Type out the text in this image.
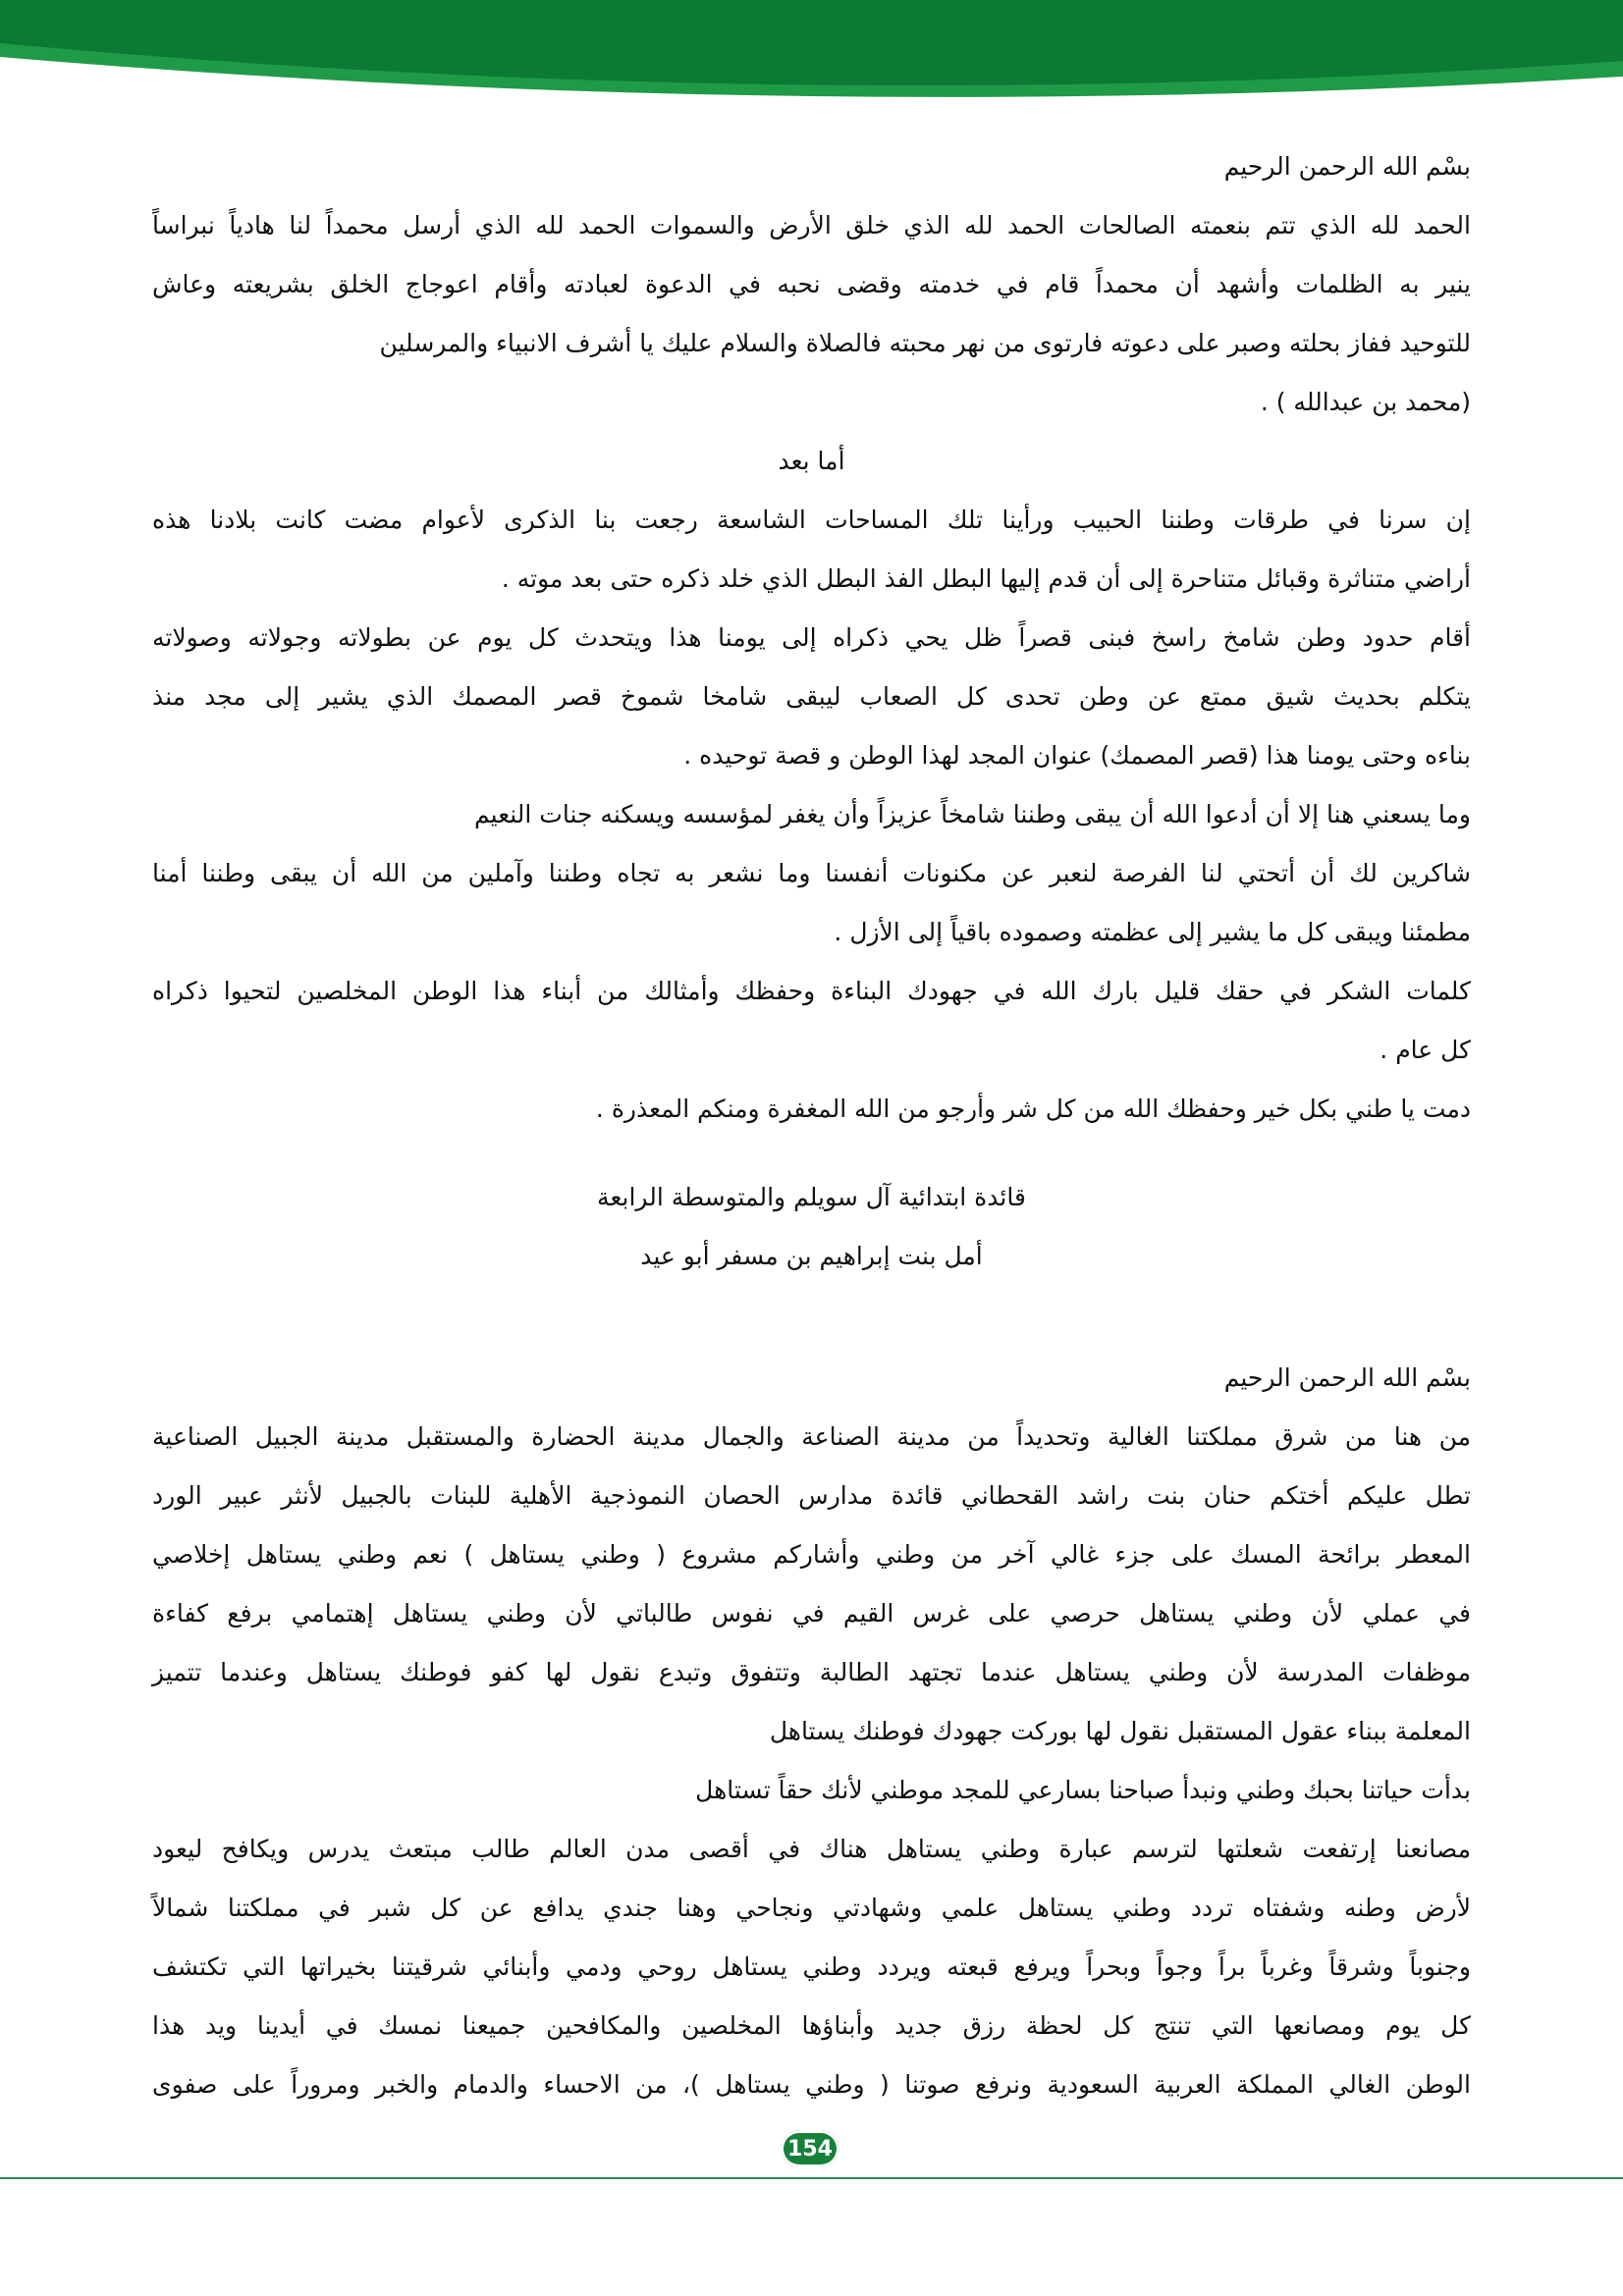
بسْم الله الرحمن الرحيم
الحمد لله الذي تتم بنعمته الصالحات الحمد لله الذي خلق الأرض والسموات الحمد لله الذي أرسل محمداً لنا هادياً نبراساً
ينير به الظلمات وأشهد أن محمداً قام في خدمته وقضى نحبه في الدعوة لعبادته وأقام اعوجاج الخلق بشريعته وعاش
للتوحيد ففاز بحلته وصبر على دعوته فارتوى من نهر محبته فالصلاة والسلام عليك يا أشرف الانبياء والمرسلين
(محمد بن عبدالله ) .
أما بعد
إن سرنا في طرقات وطننا الحبيب ورأينا تلك المساحات الشاسعة رجعت بنا الذكرى لأعوام مضت كانت بلادنا هذه
أراضي متناثرة وقبائل متناحرة إلى أن قدم إليها البطل الفذ البطل الذي خلد ذكره حتى بعد موته .
أقام حدود وطن شامخ راسخ فبنى قصراً ظل يحي ذكراه إلى يومنا هذا ويتحدث كل يوم عن بطولاته وجولاته وصولاته
يتكلم بحديث شيق ممتع عن وطن تحدى كل الصعاب ليبقى شامخا شموخ قصر المصمك الذي يشير إلى مجد منذ
بناءه وحتى يومنا هذا (قصر المصمك) عنوان المجد لهذا الوطن و قصة توحيده .
وما يسعني هنا إلا أن أدعوا الله أن يبقى وطننا شامخاً عزيزاً وأن يغفر لمؤسسه ويسكنه جنات النعيم
شاكرين لك أن أتحتي لنا الفرصة لنعبر عن مكنونات أنفسنا وما نشعر به تجاه وطننا وآملين من الله أن يبقى وطننا أمنا
مطمئنا ويبقى كل ما يشير إلى عظمته وصموده باقياً إلى الأزل .
كلمات الشكر في حقك قليل بارك الله في جهودك البناءة وحفظك وأمثالك من أبناء هذا الوطن المخلصين لتحيوا ذكراه
كل عام .
دمت يا طني بكل خير وحفظك الله من كل شر وأرجو من الله المغفرة ومنكم المعذرة .
قائدة ابتدائية آل سويلم والمتوسطة الرابعة
أمل بنت إبراهيم بن مسفر أبو عيد
بسْم الله الرحمن الرحيم
من هنا من شرق مملكتنا الغالية وتحديداً من مدينة الصناعة والجمال مدينة الحضارة والمستقبل مدينة الجبيل الصناعية
تطل عليكم أختكم حنان بنت راشد القحطاني قائدة مدارس الحصان النموذجية الأهلية للبنات بالجبيل لأنثر عبير الورد
المعطر برائحة المسك على جزء غالي آخر من وطني وأشاركم مشروع ( وطني يستاهل ) نعم وطني يستاهل إخلاصي
في عملي لأن وطني يستاهل حرصي على غرس القيم في نفوس طالباتي لأن وطني يستاهل إهتمامي برفع كفاءة
موظفات المدرسة لأن وطني يستاهل عندما تجتهد الطالبة وتتفوق وتبدع نقول لها كفو فوطنك يستاهل وعندما تتميز
المعلمة ببناء عقول المستقبل نقول لها بوركت جهودك فوطنك يستاهل
بدأت حياتنا بحبك وطني ونبدأ صباحنا بسارعي للمجد موطني لأنك حقاً تستاهل
مصانعنا إرتفعت شعلتها لترسم عبارة وطني يستاهل هناك في أقصى مدن العالم طالب مبتعث يدرس ويكافح ليعود
لأرض وطنه وشفتاه تردد وطني يستاهل علمي وشهادتي ونجاحي وهنا جندي يدافع عن كل شبر في مملكتنا شمالاً
وجنوباً وشرقاً وغرباً براً وجواً وبحراً ويرفع قبعته ويردد وطني يستاهل روحي ودمي وأبنائي شرقيتنا بخيراتها التي تكتشف
كل يوم ومصانعها التي تنتج كل لحظة رزق جديد وأبناؤها المخلصين والمكافحين جميعنا نمسك في أيدينا ويد هذا
الوطن الغالي المملكة العربية السعودية ونرفع صوتنا ( وطني يستاهل )، من الاحساء والدمام والخبر ومروراً على صفوى
154
